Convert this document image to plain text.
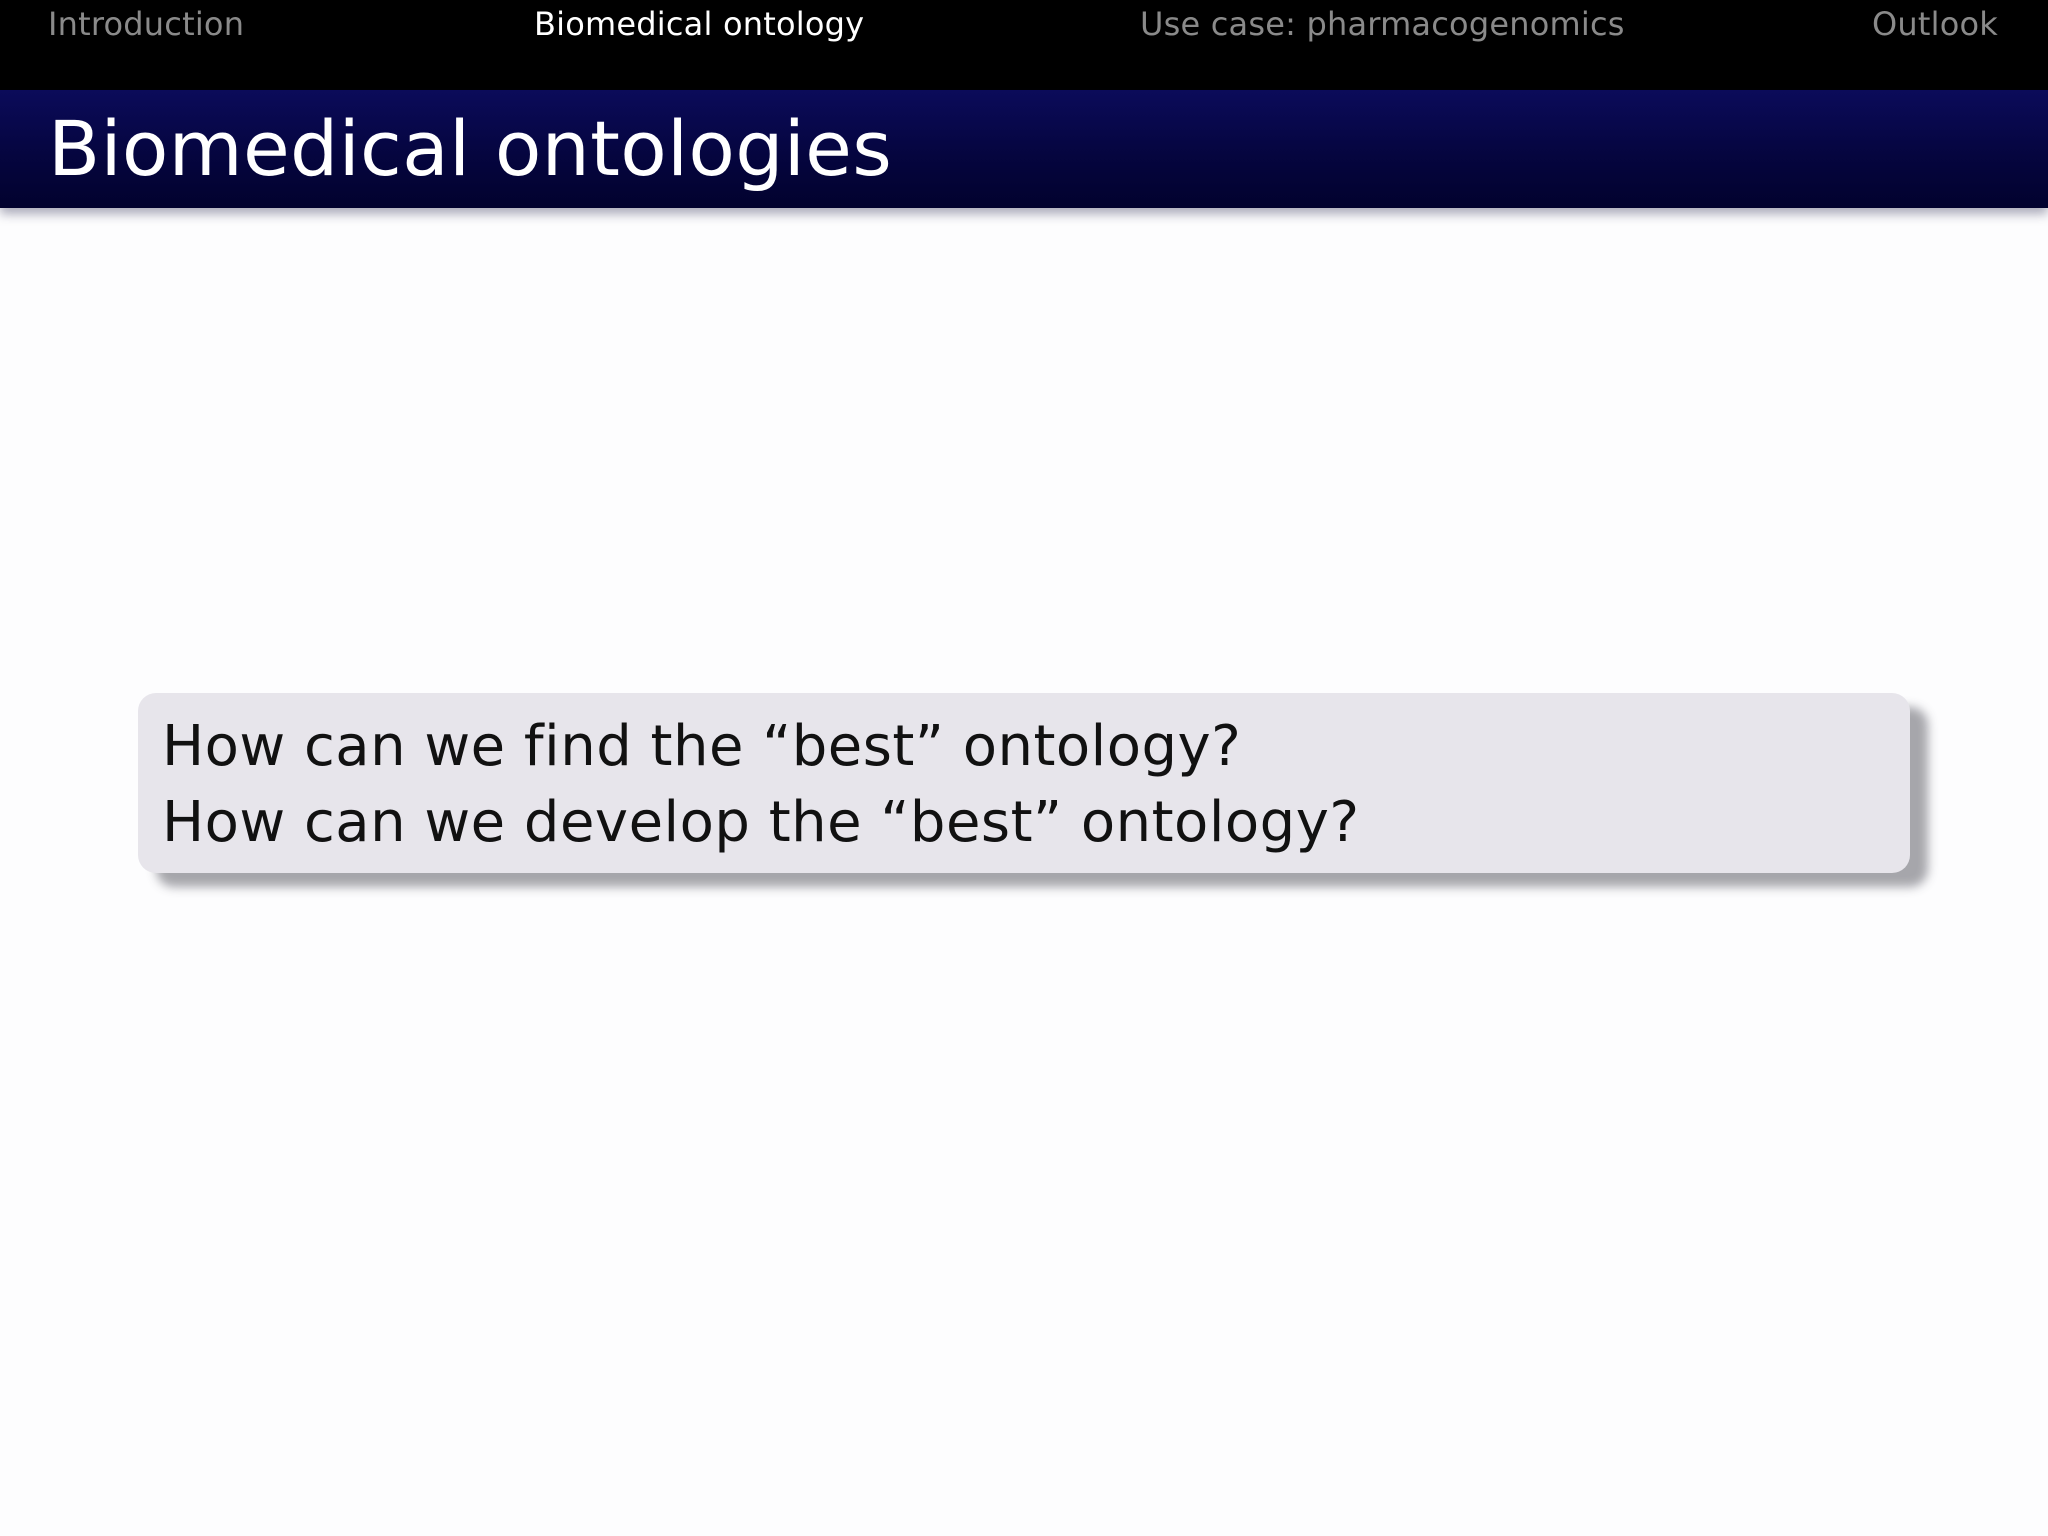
Introduction	Biomedical ontology	Use case: pharmacogenomics	Outlook
Biomedical ontologies
How can we find the “best” ontology?
How can we develop the “best” ontology?
